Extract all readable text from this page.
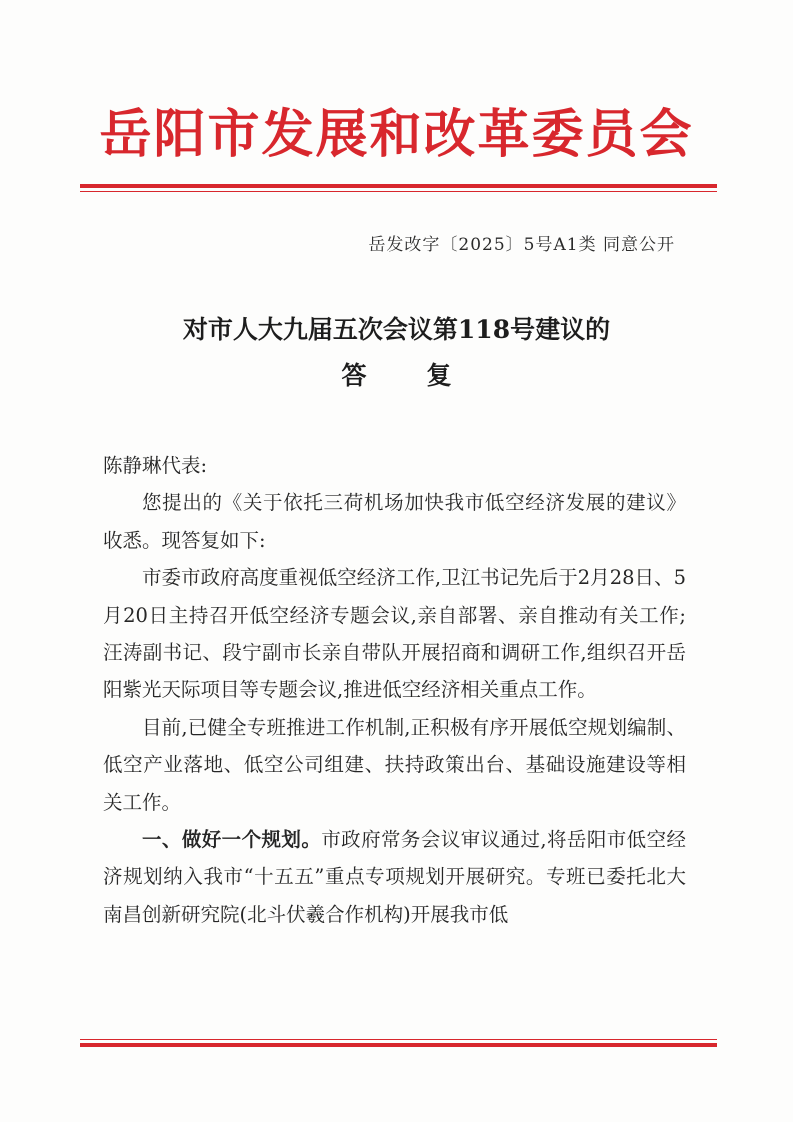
岳阳市发展和改革委员会
岳发改字〔2025〕5号A1类 同意公开
对市人大九届五次会议第118号建议的
答复

陈静琳代表:

您提出的《关于依托三荷机场加快我市低空经济发展的建议》收悉。现答复如下:

市委市政府高度重视低空经济工作,卫江书记先后于2月28日、5月20日主持召开低空经济专题会议,亲自部署、亲自推动有关工作;汪涛副书记、段宁副市长亲自带队开展招商和调研工作,组织召开岳阳紫光天际项目等专题会议,推进低空经济相关重点工作。

目前,已健全专班推进工作机制,正积极有序开展低空规划编制、低空产业落地、低空公司组建、扶持政策出台、基础设施建设等相关工作。

一、做好一个规划。市政府常务会议审议通过,将岳阳市低空经济规划纳入我市“十五五”重点专项规划开展研究。专班已委托北大南昌创新研究院(北斗伏羲合作机构)开展我市低
